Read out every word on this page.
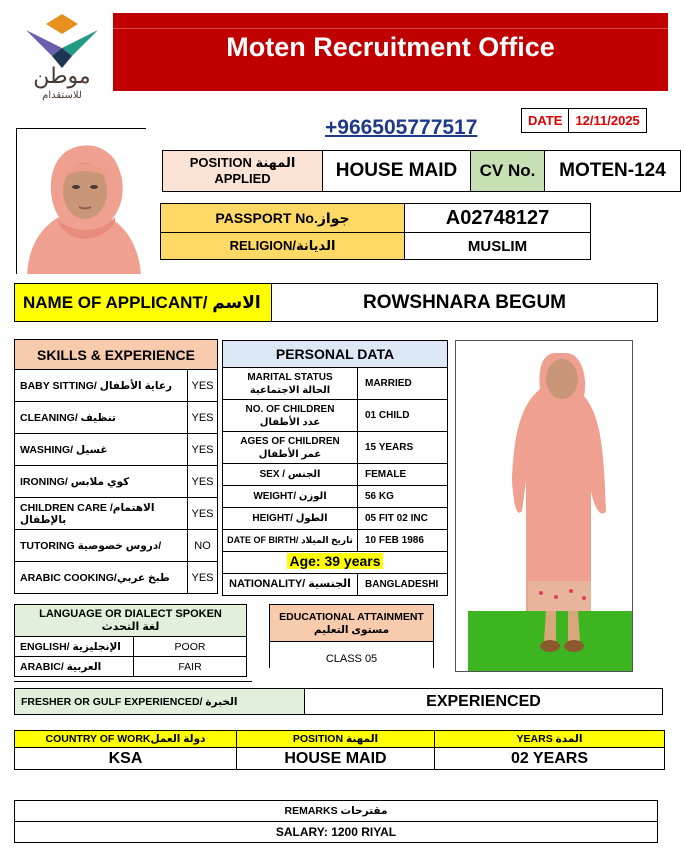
موطن
للاستقدام
Moten Recruitment Office
+966505777517	DATE	12/11/2025
POSITION المهنة
APPLIED	HOUSE MAID	CV No.	MOTEN-124
PASSPORT No.جواز	A02748127
RELIGION/الديانة	MUSLIM
NAME OF APPLICANT/ الاسم	ROWSHNARA BEGUM
SKILLS & EXPERIENCE	
BABY SITTING/ رعاية الأطفال	YES
CLEANING/ تنظيف	YES
WASHING/ غسيل	YES
IRONING/ كوي ملابس	YES
CHILDREN CARE /الاهتمام بالإطفال	YES
TUTORING دروس خصوصية/	NO
ARABIC COOKING/طبخ عربي	YES
PERSONAL DATA	

MARITAL STATUS
الحالة الاجتماعية	MARRIED

NO. OF CHILDREN
عدد الأطفال	01 CHILD

AGES OF CHILDREN
عمر الأطفال	15 YEARS
SEX / الجنس	FEMALE
WEIGHT/ الوزن	56 KG
HEIGHT/ الطول	05 FIT 02 INC
DATE OF BIRTH/ تاريخ الميلاد	10 FEB 1986
Age: 39 years	
NATIONALITY/ الجنسية	BANGLADESHI
LANGUAGE OR DIALECT SPOKEN
لغة التحدث	

ENGLISH/ الإنجليزية	POOR
ARABIC/ العربية	FAIR
EDUCATIONAL ATTAINMENT
مستوى التعليم
CLASS 05
FRESHER OR GULF EXPERIENCED/ الخبرة	EXPERIENCED
COUNTRY OF WORKدولة العمل	POSITION المهنة	YEARS المدة
KSA	HOUSE MAID	02 YEARS
REMARKS مقترحات
SALARY: 1200 RIYAL
